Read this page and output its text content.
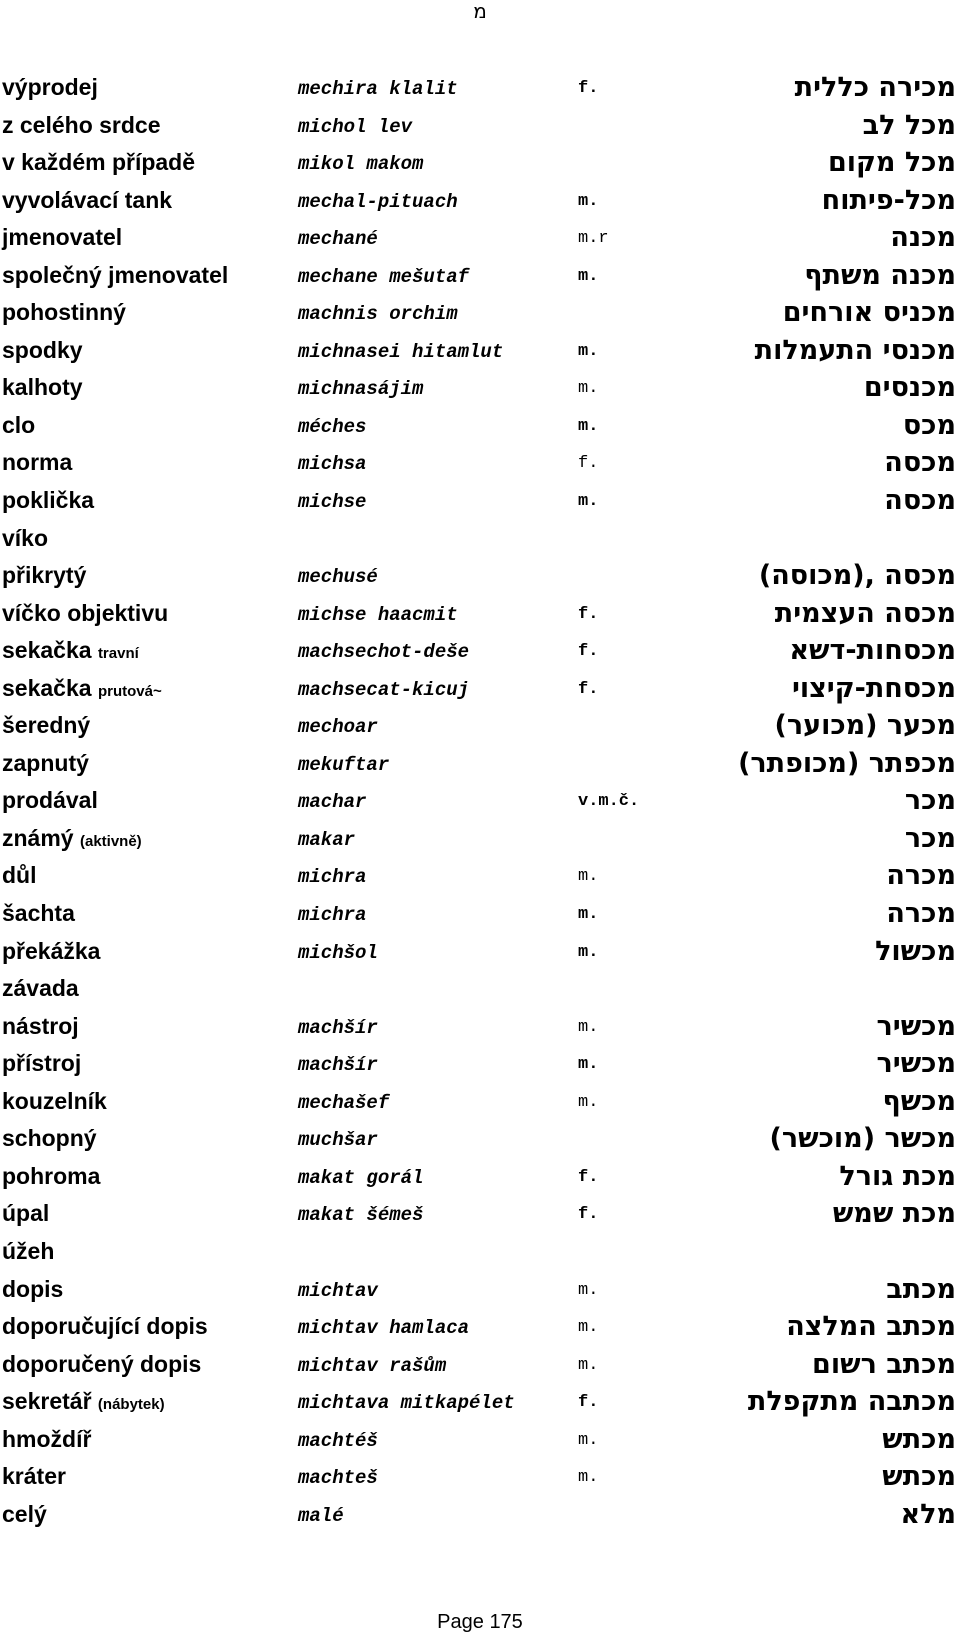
מ
výprodej	mechira klalit	f.	מכירה כללית
z celého srdce	michol lev	מכל לב
v každém případě	mikol makom	מכל מקום
vyvolávací tank	mechal-pituach	m.	מכל-פיתוח
jmenovatel	mechané	m.r	מכנה
společný jmenovatel	mechane mešutaf	m.	מכנה משתף
pohostinný	machnis orchim	מכניס אורחים
spodky	michnasei hitamlut	m.	מכנסי התעמלות
kalhoty	michnasájim	m.	מכנסים
clo	méches	m.	מכס
norma	michsa	f.	מכסה
poklička	michse	m.	מכסה
víko
přikrytý	mechusé	מכסה ,(מכוסה)
víčko objektivu	michse haacmit	f.	מכסה העצמית
sekačka travní	machsechot-deše	f.	מכסחות-דשא
sekačka prutová~	machsecat-kicuj	f.	מכסחת-קיצוי
šeredný	mechoar	מכער (מכוער)
zapnutý	mekuftar	מכפתר (מכופתר)
prodával	machar	v.m.č.	מכר
známý (aktivně)	makar	מכר
důl	michra	m.	מכרה
šachta	michra	m.	מכרה
překážka	michšol	m.	מכשול
závada
nástroj	machšír	m.	מכשיר
přístroj	machšír	m.	מכשיר
kouzelník	mechašef	m.	מכשף
schopný	muchšar	מכשר (מוכשר)
pohroma	makat gorál	f.	מכת גורל
úpal	makat šémeš	f.	מכת שמש
úžeh
dopis	michtav	m.	מכתב
doporučující dopis	michtav hamlaca	m.	מכתב המלצה
doporučený dopis	michtav rašům	m.	מכתב רשום
sekretář (nábytek)	michtava mitkapélet	f.	מכתבה מתקפלת
hmoždíř	machtéš	m.	מכתש
kráter	machteš	m.	מכתש
celý	malé	מלא
Page 175
